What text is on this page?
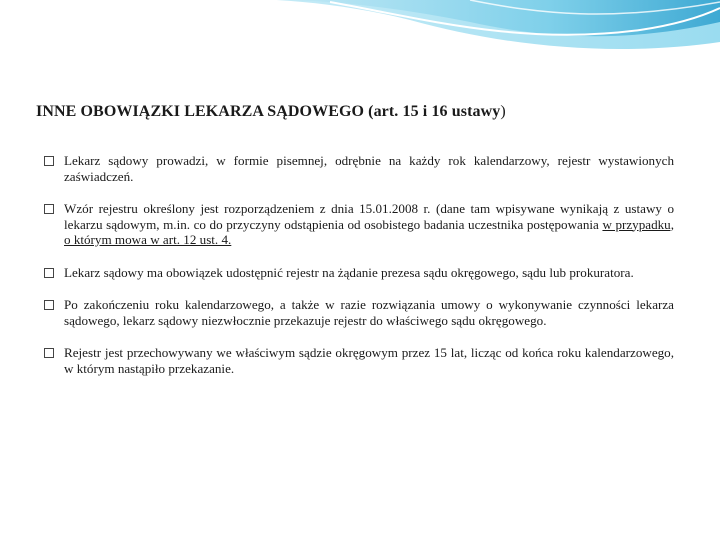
INNE OBOWIĄZKI LEKARZA SĄDOWEGO (art. 15 i 16 ustawy)
Lekarz sądowy prowadzi, w formie pisemnej, odrębnie na każdy rok kalendarzowy, rejestr wystawionych zaświadczeń.
Wzór rejestru określony jest rozporządzeniem z dnia 15.01.2008 r. (dane tam wpisywane wynikają z ustawy o lekarzu sądowym, m.in. co do przyczyny odstąpienia od osobistego badania uczestnika postępowania w przypadku, o którym mowa w art. 12 ust. 4.
Lekarz sądowy ma obowiązek udostępnić rejestr na żądanie prezesa sądu okręgowego, sądu lub prokuratora.
Po zakończeniu roku kalendarzowego, a także w razie rozwiązania umowy o wykonywanie czynności lekarza sądowego, lekarz sądowy niezwłocznie przekazuje rejestr do właściwego sądu okręgowego.
Rejestr jest przechowywany we właściwym sądzie okręgowym przez 15 lat, licząc od końca roku kalendarzowego, w którym nastąpiło przekazanie.
